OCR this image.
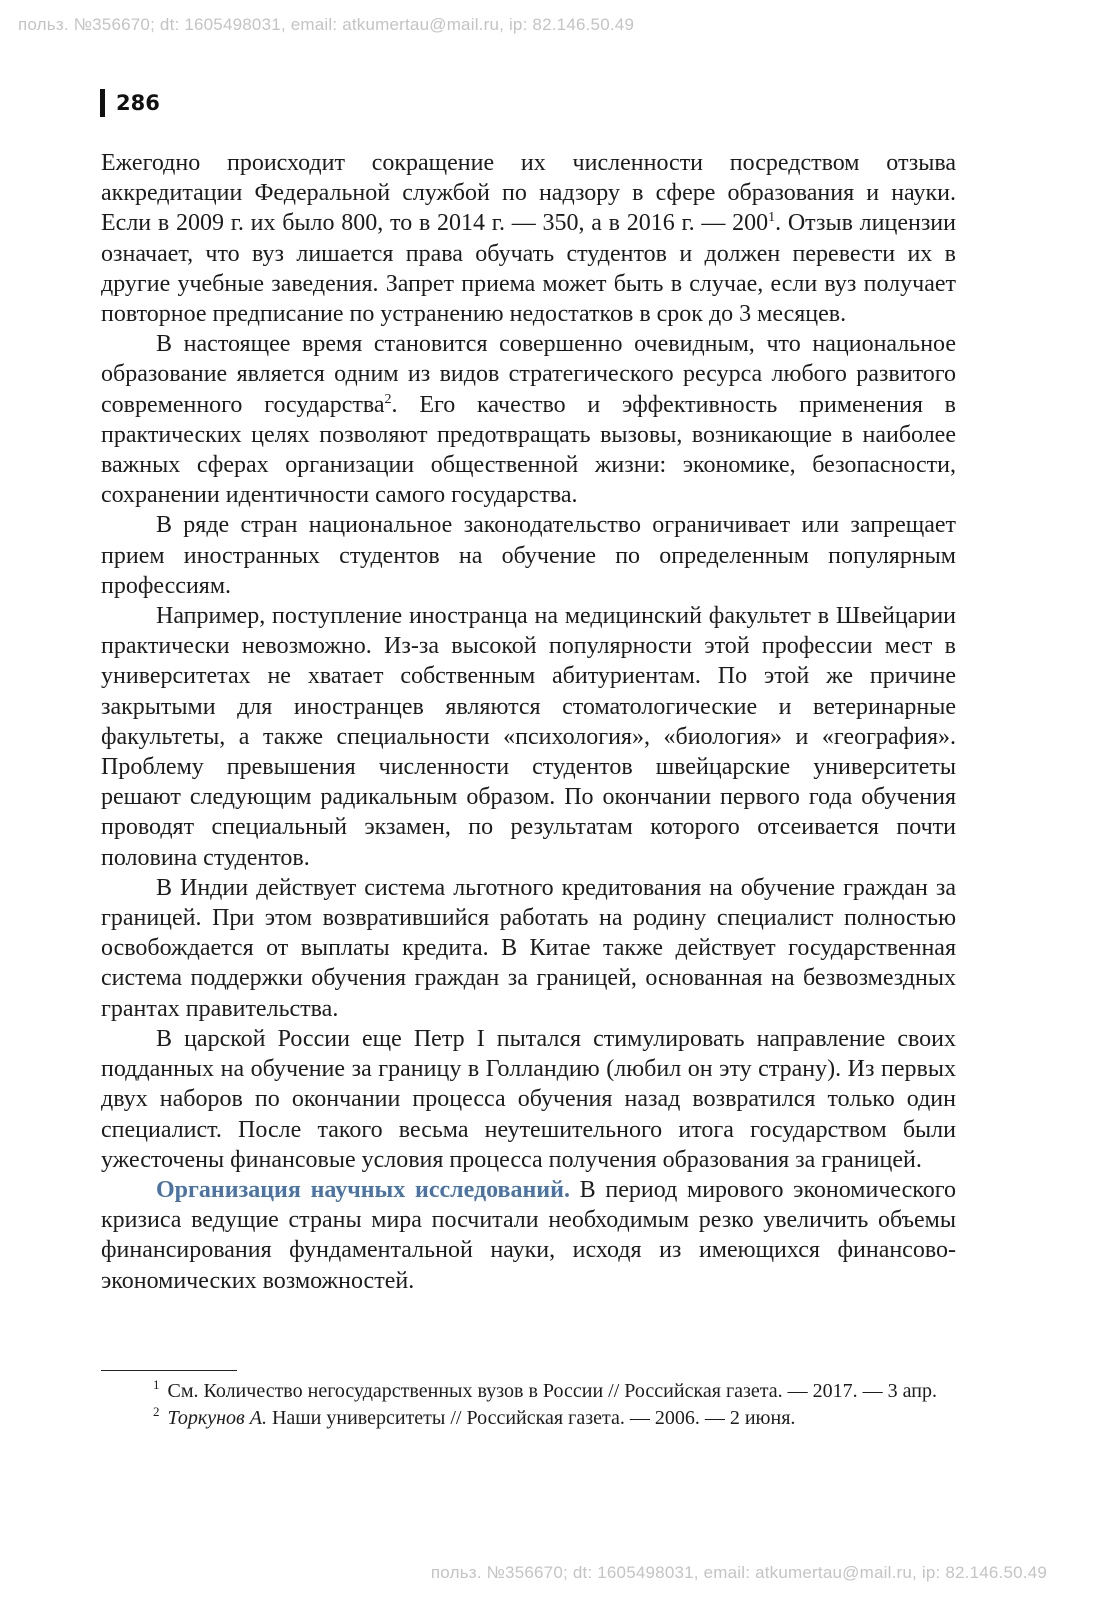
польз. №356670; dt: 1605498031, email: atkumertau@mail.ru, ip: 82.146.50.49
286

Ежегодно происходит сокращение их численности посредством отзыва аккредитации Федеральной службой по надзору в сфере образования и науки. Если в 2009 г. их было 800, то в 2014 г. — 350, а в 2016 г. — $200^1$. Отзыв лицензии означает, что вуз лишается права обучать студентов и должен перевести их в другие учебные заведения. Запрет приема может быть в случае, если вуз получает повторное предписание по устранению недостатков в срок до 3 месяцев.

В настоящее время становится совершенно очевидным, что национальное образование является одним из видов стратегического ресурса любого развитого современного государства$^2$. Его качество и эффективность применения в практических целях позволяют предотвращать вызовы, возникающие в наиболее важных сферах организации общественной жизни: экономике, безопасности, сохранении идентичности самого государства.

В ряде стран национальное законодательство ограничивает или запрещает прием иностранных студентов на обучение по определенным популярным профессиям.

Например, поступление иностранца на медицинский факультет в Швейцарии практически невозможно. Из-за высокой популярности этой профессии мест в университетах не хватает собственным абитуриентам. По этой же причине закрытыми для иностранцев являются стоматологические и ветеринарные факультеты, а также специальности «психология», «биология» и «география». Проблему превышения численности студентов швейцарские университеты решают следующим радикальным образом. По окончании первого года обучения проводят специальный экзамен, по результатам которого отсеивается почти половина студентов.

В Индии действует система льготного кредитования на обучение граждан за границей. При этом возвратившийся работать на родину специалист полностью освобождается от выплаты кредита. В Китае также действует государственная система поддержки обучения граждан за границей, основанная на безвозмездных грантах правительства.

В царской России еще Петр I пытался стимулировать направление своих подданных на обучение за границу в Голландию (любил он эту страну). Из первых двух наборов по окончании процесса обучения назад возвратился только один специалист. После такого весьма неутешительного итога государством были ужесточены финансовые условия процесса получения образования за границей.

Организация научных исследований. В период мирового экономического кризиса ведущие страны мира посчитали необходимым резко увеличить объемы финансирования фундаментальной науки, исходя из имеющихся финансово-экономических возможностей.

$^1$ См. Количество негосударственных вузов в России // Российская газета. — 2017. — 3 апр.

$^2$ Торкунов А. Наши университеты // Российская газета. — 2006. — 2 июня.

польз. №356670; dt: 1605498031, email: atkumertau@mail.ru, ip: 82.146.50.49
